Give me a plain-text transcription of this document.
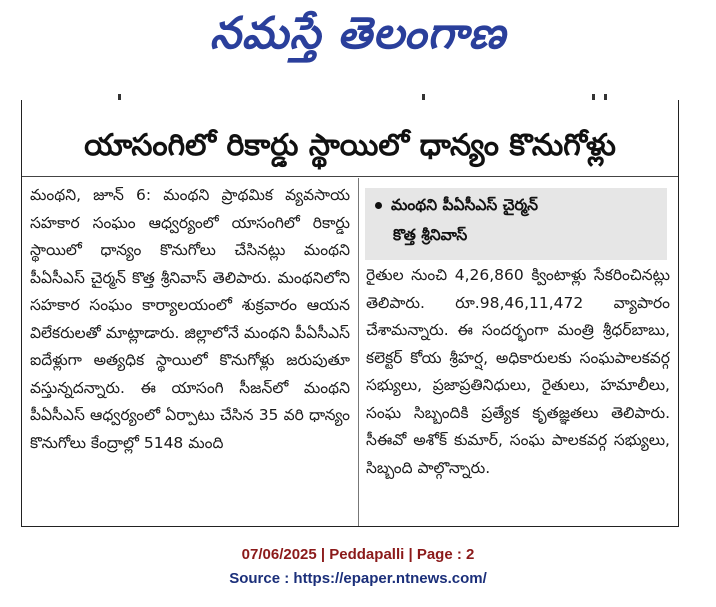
నమస్తే తెలంగాణ
యాసంగిలో రికార్డు స్థాయిలో ధాన్యం కొనుగోళ్లు

మంథని, జూన్ 6: మంథని ప్రాథమిక వ్యవసాయ సహకార సంఘం ఆధ్వర్యంలో యాసంగిలో రికార్డు స్థాయిలో ధాన్యం కొనుగోలు చేసినట్లు మంథని పీఏసీఎస్ చైర్మన్ కొత్త శ్రీనివాస్ తెలిపారు. మంథనిలోని సహకార సంఘం కార్యాలయంలో శుక్రవారం ఆయన విలేకరులతో మాట్లాడారు. జిల్లాలోనే మంథని పీఏసీఎస్ ఐదేళ్లుగా అత్యధిక స్థాయిలో కొనుగోళ్లు జరుపుతూ వస్తున్నదన్నారు. ఈ యాసంగి సీజన్‌లో మంథని పీఏసీఎస్ ఆధ్వర్యంలో ఏర్పాటు చేసిన 35 వరి ధాన్యం కొనుగోలు కేంద్రాల్లో 5148 మంది

మంథని పీఏసీఎస్ చైర్మన్
కొత్త శ్రీనివాస్

రైతుల నుంచి 4,26,860 క్వింటాళ్లు సేకరించినట్లు తెలిపారు. రూ.98,46,11,472 వ్యాపారం చేశామన్నారు. ఈ సందర్భంగా మంత్రి శ్రీధర్‌బాబు, కలెక్టర్ కోయ శ్రీహర్ష, అధికారులకు సంఘపాలకవర్గ సభ్యులు, ప్రజాప్రతినిధులు, రైతులు, హమాలీలు, సంఘ సిబ్బందికి ప్రత్యేక కృతజ్ఞతలు తెలిపారు. సీఈవో అశోక్ కుమార్, సంఘ పాలకవర్గ సభ్యులు, సిబ్బంది పాల్గొన్నారు.

07/06/2025 | Peddapalli | Page : 2
Source : https://epaper.ntnews.com/
